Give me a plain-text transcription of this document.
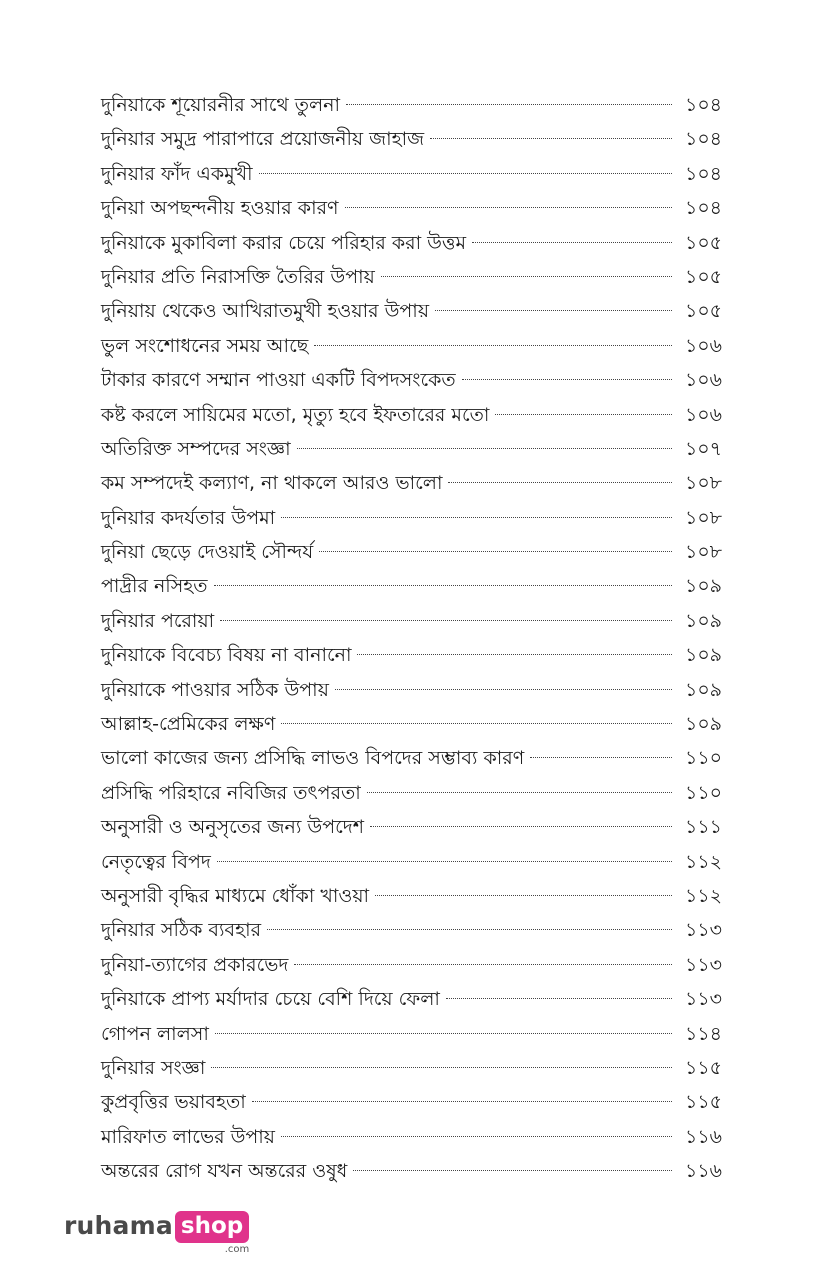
দুনিয়াকে শূয়োরনীর সাথে তুলনা	১০৪
দুনিয়ার সমুদ্র পারাপারে প্রয়োজনীয় জাহাজ	১০৪
দুনিয়ার ফাঁদ একমুখী	১০৪
দুনিয়া অপছন্দনীয় হওয়ার কারণ	১০৪
দুনিয়াকে মুকাবিলা করার চেয়ে পরিহার করা উত্তম	১০৫
দুনিয়ার প্রতি নিরাসক্তি তৈরির উপায়	১০৫
দুনিয়ায় থেকেও আখিরাতমুখী হওয়ার উপায়	১০৫
ভুল সংশোধনের সময় আছে	১০৬
টাকার কারণে সম্মান পাওয়া একটি বিপদসংকেত	১০৬
কষ্ট করলে সায়িমের মতো, মৃত্যু হবে ইফতারের মতো	১০৬
অতিরিক্ত সম্পদের সংজ্ঞা	১০৭
কম সম্পদেই কল্যাণ, না থাকলে আরও ভালো	১০৮
দুনিয়ার কদর্যতার উপমা	১০৮
দুনিয়া ছেড়ে দেওয়াই সৌন্দর্য	১০৮
পাদ্রীর নসিহত	১০৯
দুনিয়ার পরোয়া	১০৯
দুনিয়াকে বিবেচ্য বিষয় না বানানো	১০৯
দুনিয়াকে পাওয়ার সঠিক উপায়	১০৯
আল্লাহ-প্রেমিকের লক্ষণ	১০৯
ভালো কাজের জন্য প্রসিদ্ধি লাভও বিপদের সম্ভাব্য কারণ	১১০
প্রসিদ্ধি পরিহারে নবিজির তৎপরতা	১১০
অনুসারী ও অনুসৃতের জন্য উপদেশ	১১১
নেতৃত্বের বিপদ	১১২
অনুসারী বৃদ্ধির মাধ্যমে ধোঁকা খাওয়া	১১২
দুনিয়ার সঠিক ব্যবহার	১১৩
দুনিয়া-ত্যাগের প্রকারভেদ	১১৩
দুনিয়াকে প্রাপ্য মর্যাদার চেয়ে বেশি দিয়ে ফেলা	১১৩
গোপন লালসা	১১৪
দুনিয়ার সংজ্ঞা	১১৫
কুপ্রবৃত্তির ভয়াবহতা	১১৫
মারিফাত লাভের উপায়	১১৬
অন্তরের রোগ যখন অন্তরের ওষুধ	১১৬
ruhama shop
.com
